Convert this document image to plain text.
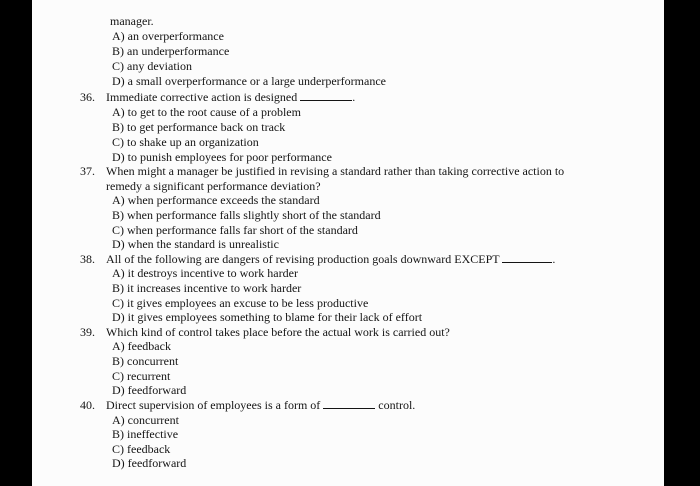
manager.
A) an overperformance
B) an underperformance
C) any deviation
D) a small overperformance or a large underperformance
36. Immediate corrective action is designed	.
A) to get to the root cause of a problem
B) to get performance back on track
C) to shake up an organization
D) to punish employees for poor performance
37. When might a manager be justified in revising a standard rather than taking corrective action to
remedy a significant performance deviation?
A) when performance exceeds the standard
B) when performance falls slightly short of the standard
C) when performance falls far short of the standard
D) when the standard is unrealistic
38. All of the following are dangers of revising production goals downward EXCEPT	.
A) it destroys incentive to work harder
B) it increases incentive to work harder
C) it gives employees an excuse to be less productive
D) it gives employees something to blame for their lack of effort
39. Which kind of control takes place before the actual work is carried out?
A) feedback
B) concurrent
C) recurrent
D) feedforward
40. Direct supervision of employees is a form of	control.
A) concurrent
B) ineffective
C) feedback
D) feedforward
